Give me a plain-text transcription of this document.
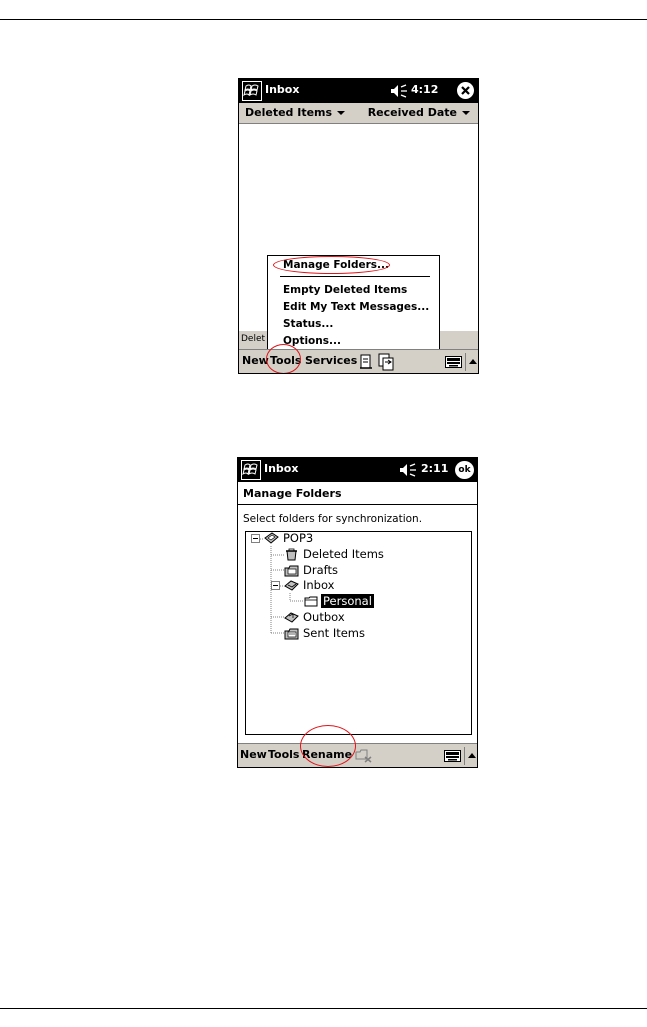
Inbox	4:12
Deleted Items	Received Date
Delet
Manage Folders...
Empty Deleted Items
Edit My Text Messages...
Status...
Options...
New Tools Services
Inbox	2:11	ok
Manage Folders
Select folders for synchronization.
POP3
Deleted Items
Drafts
Inbox
Personal
Outbox
Sent Items
New Tools Rename
